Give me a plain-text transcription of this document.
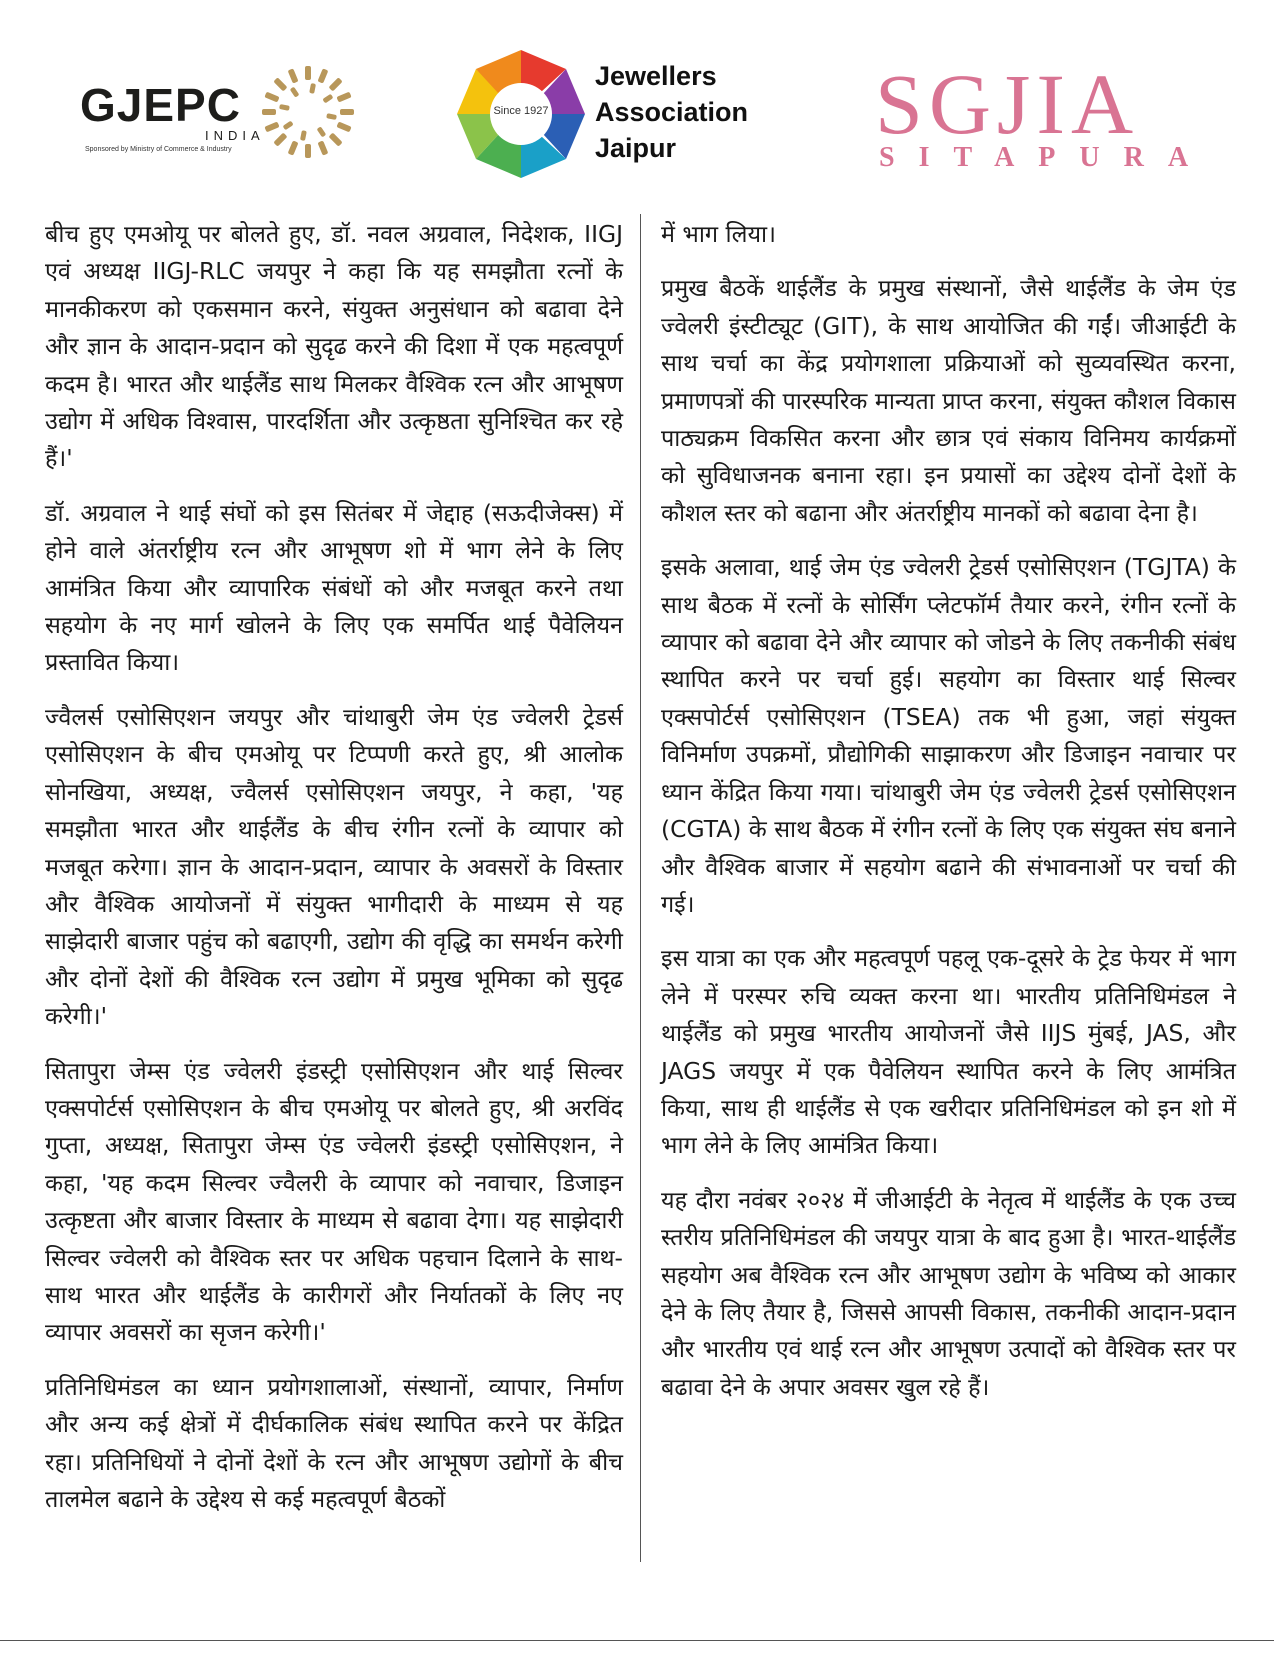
GJEPC
INDIA
Sponsored by Ministry of Commerce & Industry
Since 1927
Jewellers
Association
Jaipur	SGJIA
SITAPURA

बीच हुए एमओयू पर बोलते हुए, डॉ. नवल अग्रवाल, निदेशक, IIGJ एवं अध्यक्ष IIGJ-RLC जयपुर ने कहा कि यह समझौता रत्नों के मानकीकरण को एकसमान करने, संयुक्त अनुसंधान को बढावा देने और ज्ञान के आदान-प्रदान को सुदृढ करने की दिशा में एक महत्वपूर्ण कदम है। भारत और थाईलैंड साथ मिलकर वैश्विक रत्न और आभूषण उद्योग में अधिक विश्वास, पारदर्शिता और उत्कृष्ठता सुनिश्चित कर रहे हैं।'

डॉ. अग्रवाल ने थाई संघों को इस सितंबर में जेद्दाह (सऊदीजेक्स) में होने वाले अंतर्राष्ट्रीय रत्न और आभूषण शो में भाग लेने के लिए आमंत्रित किया और व्यापारिक संबंधों को और मजबूत करने तथा सहयोग के नए मार्ग खोलने के लिए एक समर्पित थाई पैवेलियन प्रस्तावित किया।

ज्वैलर्स एसोसिएशन जयपुर और चांथाबुरी जेम एंड ज्वेलरी ट्रेडर्स एसोसिएशन के बीच एमओयू पर टिप्पणी करते हुए, श्री आलोक सोनखिया, अध्यक्ष, ज्वैलर्स एसोसिएशन जयपुर, ने कहा, 'यह समझौता भारत और थाईलैंड के बीच रंगीन रत्नों के व्यापार को मजबूत करेगा। ज्ञान के आदान-प्रदान, व्यापार के अवसरों के विस्तार और वैश्विक आयोजनों में संयुक्त भागीदारी के माध्यम से यह साझेदारी बाजार पहुंच को बढाएगी, उद्योग की वृद्धि का समर्थन करेगी और दोनों देशों की वैश्विक रत्न उद्योग में प्रमुख भूमिका को सुदृढ करेगी।'

सितापुरा जेम्स एंड ज्वेलरी इंडस्ट्री एसोसिएशन और थाई सिल्वर एक्सपोर्टर्स एसोसिएशन के बीच एमओयू पर बोलते हुए, श्री अरविंद गुप्ता, अध्यक्ष, सितापुरा जेम्स एंड ज्वेलरी इंडस्ट्री एसोसिएशन, ने कहा, 'यह कदम सिल्वर ज्वैलरी के व्यापार को नवाचार, डिजाइन उत्कृष्टता और बाजार विस्तार के माध्यम से बढावा देगा। यह साझेदारी सिल्वर ज्वेलरी को वैश्विक स्तर पर अधिक पहचान दिलाने के साथ-साथ भारत और थाईलैंड के कारीगरों और निर्यातकों के लिए नए व्यापार अवसरों का सृजन करेगी।'

प्रतिनिधिमंडल का ध्यान प्रयोगशालाओं, संस्थानों, व्यापार, निर्माण और अन्य कई क्षेत्रों में दीर्घकालिक संबंध स्थापित करने पर केंद्रित रहा। प्रतिनिधियों ने दोनों देशों के रत्न और आभूषण उद्योगों के बीच तालमेल बढाने के उद्देश्य से कई महत्वपूर्ण बैठकों

में भाग लिया।

प्रमुख बैठकें थाईलैंड के प्रमुख संस्थानों, जैसे थाईलैंड के जेम एंड ज्वेलरी इंस्टीट्यूट (GIT), के साथ आयोजित की गईं। जीआईटी के साथ चर्चा का केंद्र प्रयोगशाला प्रक्रियाओं को सुव्यवस्थित करना, प्रमाणपत्रों की पारस्परिक मान्यता प्राप्त करना, संयुक्त कौशल विकास पाठ्यक्रम विकसित करना और छात्र एवं संकाय विनिमय कार्यक्रमों को सुविधाजनक बनाना रहा। इन प्रयासों का उद्देश्य दोनों देशों के कौशल स्तर को बढाना और अंतर्राष्ट्रीय मानकों को बढावा देना है।

इसके अलावा, थाई जेम एंड ज्वेलरी ट्रेडर्स एसोसिएशन (TGJTA) के साथ बैठक में रत्नों के सोर्सिंग प्लेटफॉर्म तैयार करने, रंगीन रत्नों के व्यापार को बढावा देने और व्यापार को जोडने के लिए तकनीकी संबंध स्थापित करने पर चर्चा हुई। सहयोग का विस्तार थाई सिल्वर एक्सपोर्टर्स एसोसिएशन (TSEA) तक भी हुआ, जहां संयुक्त विनिर्माण उपक्रमों, प्रौद्योगिकी साझाकरण और डिजाइन नवाचार पर ध्यान केंद्रित किया गया। चांथाबुरी जेम एंड ज्वेलरी ट्रेडर्स एसोसिएशन (CGTA) के साथ बैठक में रंगीन रत्नों के लिए एक संयुक्त संघ बनाने और वैश्विक बाजार में सहयोग बढाने की संभावनाओं पर चर्चा की गई।

इस यात्रा का एक और महत्वपूर्ण पहलू एक-दूसरे के ट्रेड फेयर में भाग लेने में परस्पर रुचि व्यक्त करना था। भारतीय प्रतिनिधिमंडल ने थाईलैंड को प्रमुख भारतीय आयोजनों जैसे IIJS मुंबई, JAS, और JAGS जयपुर में एक पैवेलियन स्थापित करने के लिए आमंत्रित किया, साथ ही थाईलैंड से एक खरीदार प्रतिनिधिमंडल को इन शो में भाग लेने के लिए आमंत्रित किया।

यह दौरा नवंबर २०२४ में जीआईटी के नेतृत्व में थाईलैंड के एक उच्च स्तरीय प्रतिनिधिमंडल की जयपुर यात्रा के बाद हुआ है। भारत-थाईलैंड सहयोग अब वैश्विक रत्न और आभूषण उद्योग के भविष्य को आकार देने के लिए तैयार है, जिससे आपसी विकास, तकनीकी आदान-प्रदान और भारतीय एवं थाई रत्न और आभूषण उत्पादों को वैश्विक स्तर पर बढावा देने के अपार अवसर खुल रहे हैं।
